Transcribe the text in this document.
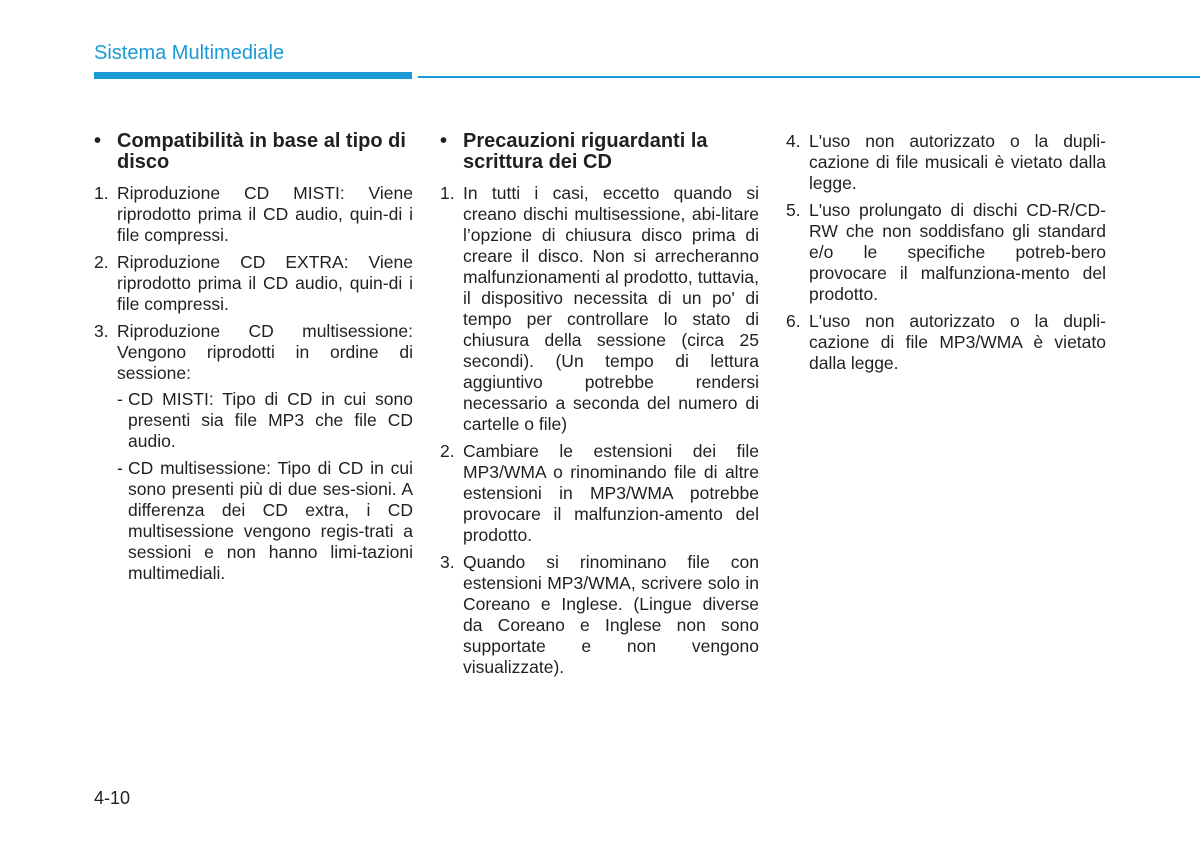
Sistema Multimediale
• Compatibilità in base al tipo di disco
1. Riproduzione CD MISTI: Viene riprodotto prima il CD audio, quin-di i file compressi.
2. Riproduzione CD EXTRA: Viene riprodotto prima il CD audio, quin-di i file compressi.
3. Riproduzione CD multisessione: Vengono riprodotti in ordine di sessione:
- CD MISTI: Tipo di CD in cui sono presenti sia file MP3 che file CD audio.
- CD multisessione: Tipo di CD in cui sono presenti più di due ses-sioni. A differenza dei CD extra, i CD multisessione vengono regis-trati a sessioni e non hanno limi-tazioni multimediali.
• Precauzioni riguardanti la scrittura dei CD
1. In tutti i casi, eccetto quando si creano dischi multisessione, abi-litare l’opzione di chiusura disco prima di creare il disco. Non si arrecheranno malfunzionamenti al prodotto, tuttavia, il dispositivo necessita di un po' di tempo per controllare lo stato di chiusura della sessione (circa 25 secondi). (Un tempo di lettura aggiuntivo potrebbe rendersi necessario a seconda del numero di cartelle o file)
2. Cambiare le estensioni dei file MP3/WMA o rinominando file di altre estensioni in MP3/WMA potrebbe provocare il malfunzion-amento del prodotto.
3. Quando si rinominano file con estensioni MP3/WMA, scrivere solo in Coreano e Inglese. (Lingue diverse da Coreano e Inglese non sono supportate e non vengono visualizzate).
4. L'uso non autorizzato o la dupli-cazione di file musicali è vietato dalla legge.
5. L'uso prolungato di dischi CD-R/CD- RW che non soddisfano gli standard e/o le specifiche potreb-bero provocare il malfunziona-mento del prodotto.
6. L'uso non autorizzato o la dupli-cazione di file MP3/WMA è vietato dalla legge.
4-10
